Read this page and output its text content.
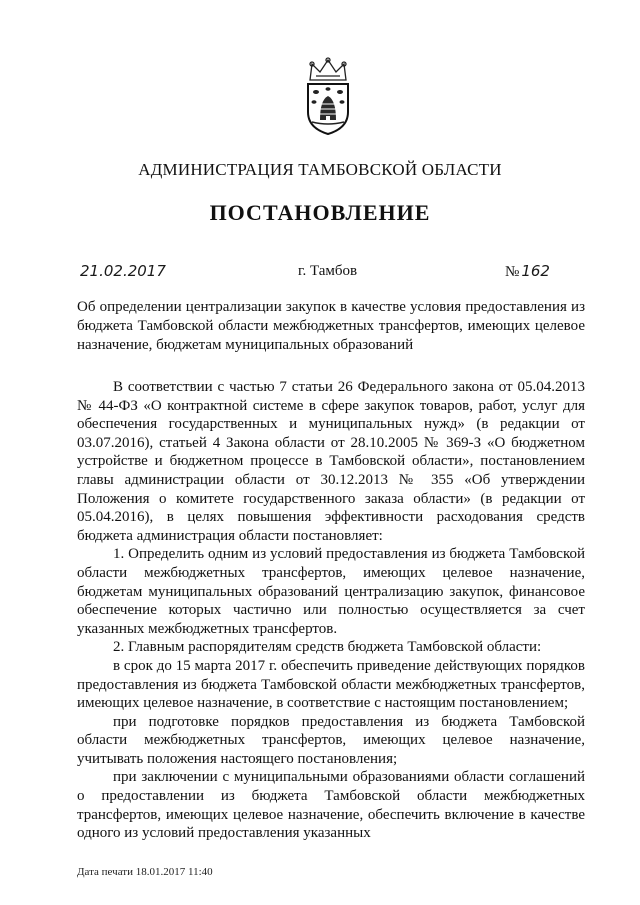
АДМИНИСТРАЦИЯ ТАМБОВСКОЙ ОБЛАСТИ
ПОСТАНОВЛЕНИЕ
21.02.2017	г. Тамбов	№ 162
Об определении централизации закупок в качестве условия предоставления из бюджета Тамбовской области межбюджетных трансфертов, имеющих целевое назначение, бюджетам муниципальных образований

В соответствии с частью 7 статьи 26 Федерального закона от 05.04.2013 № 44-ФЗ «О контрактной системе в сфере закупок товаров, работ, услуг для обеспечения государственных и муниципальных нужд» (в редакции от 03.07.2016), статьей 4 Закона области от 28.10.2005 № 369-З «О бюджетном устройстве и бюджетном процессе в Тамбовской области», постановлением главы администрации области от 30.12.2013 № 355 «Об утверждении Положения о комитете государственного заказа области» (в редакции от 05.04.2016), в целях повышения эффективности расходования средств бюджета администрация области постановляет:

1. Определить одним из условий предоставления из бюджета Тамбовской области межбюджетных трансфертов, имеющих целевое назначение, бюджетам муниципальных образований централизацию закупок, финансовое обеспечение которых частично или полностью осуществляется за счет указанных межбюджетных трансфертов.

2. Главным распорядителям средств бюджета Тамбовской области:

в срок до 15 марта 2017 г. обеспечить приведение действующих порядков предоставления из бюджета Тамбовской области межбюджетных трансфертов, имеющих целевое назначение, в соответствие с настоящим постановлением;

при подготовке порядков предоставления из бюджета Тамбовской области межбюджетных трансфертов, имеющих целевое назначение, учитывать положения настоящего постановления;

при заключении с муниципальными образованиями области соглашений о предоставлении из бюджета Тамбовской области межбюджетных трансфертов, имеющих целевое назначение, обеспечить включение в качестве одного из условий предоставления указанных

Дата печати 18.01.2017 11:40
